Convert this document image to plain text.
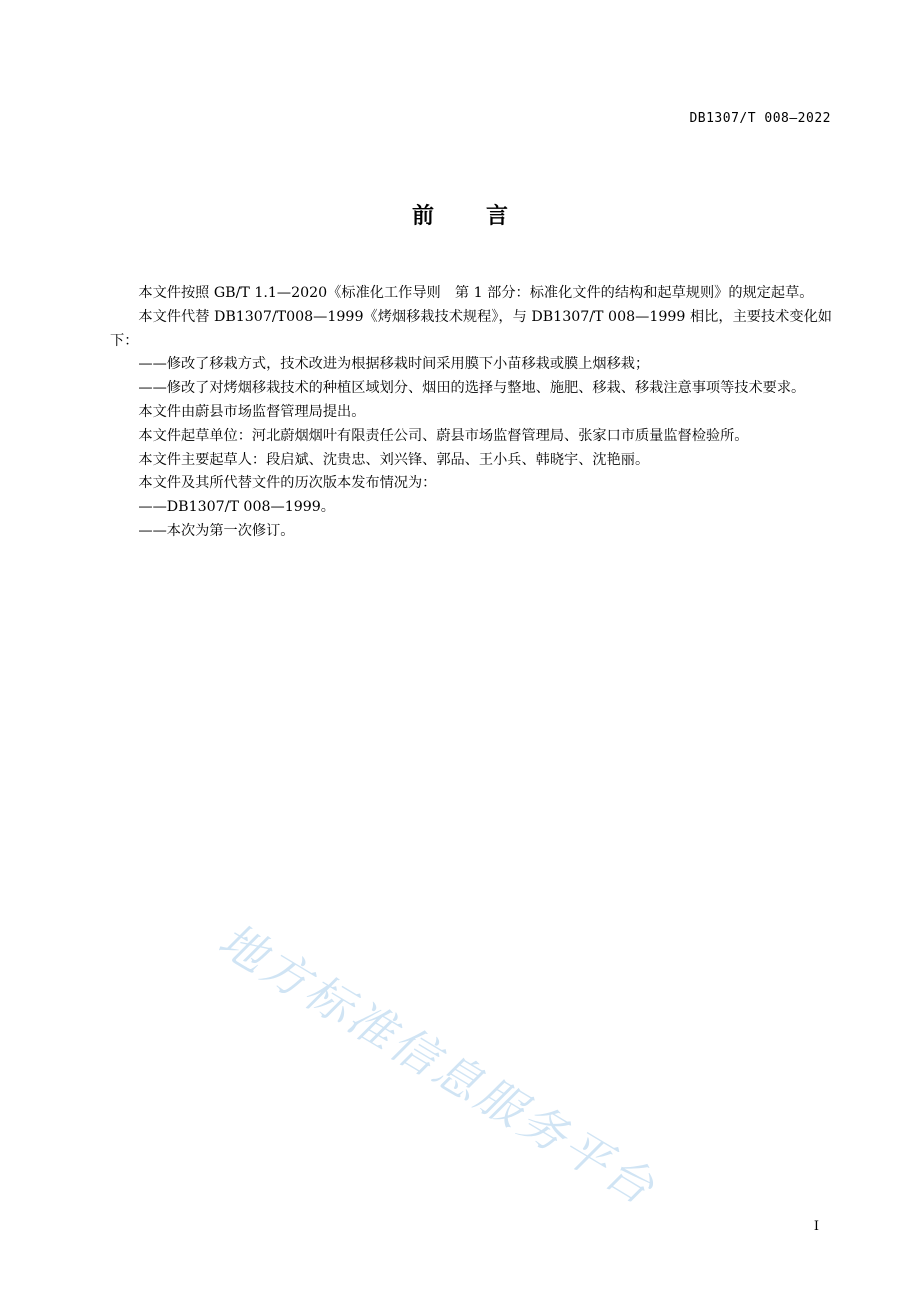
DB1307/T 008—2022
前言

本文件按照 GB/T 1.1—2020《标准化工作导则　第 1 部分：标准化文件的结构和起草规则》的规定起草。

本文件代替 DB1307/T008—1999《烤烟移栽技术规程》，与 DB1307/T 008—1999 相比，主要技术变化如下：

——修改了移栽方式，技术改进为根据移栽时间采用膜下小苗移栽或膜上烟移栽；

——修改了对烤烟移栽技术的种植区域划分、烟田的选择与整地、施肥、移栽、移栽注意事项等技术要求。

本文件由蔚县市场监督管理局提出。

本文件起草单位：河北蔚烟烟叶有限责任公司、蔚县市场监督管理局、张家口市质量监督检验所。

本文件主要起草人：段启斌、沈贵忠、刘兴锋、郭品、王小兵、韩晓宇、沈艳丽。

本文件及其所代替文件的历次版本发布情况为：

——DB1307/T 008—1999。

——本次为第一次修订。

地方标准信息服务平台
I
